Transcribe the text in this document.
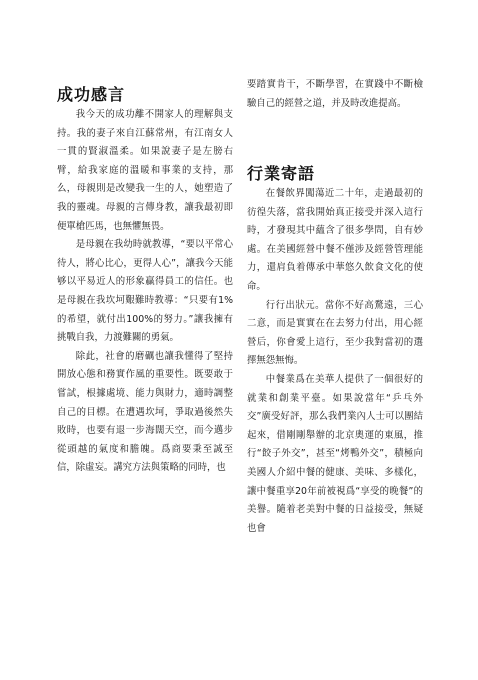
成功感言

我今天的成功離不開家人的理解與支持。我的妻子來自江蘇常州，有江南女人一貫的賢淑溫柔。如果說妻子是左膀右臂，給我家庭的溫暖和事業的支持，那么，母親則是改變我一生的人，她塑造了我的靈魂。母親的言傳身教，讓我最初即便單槍匹馬，也無懼無畏。

是母親在我幼時就教導，“要以平常心待人，將心比心，更得人心”，讓我今天能够以平易近人的形象贏得員工的信任。也是母親在我坎坷艱難時教導：“只要有1%的希望，就付出100%的努力。”讓我擁有挑戰自我，力渡難關的勇氣。

除此，社會的磨礪也讓我懂得了堅持開放心態和務實作風的重要性。既要敢于嘗試，根據處境、能力與財力，適時調整自己的目標。在遭遇坎坷，爭取過後然失敗時，也要有退一步海闊天空，而今邁步從頭越的氣度和膽魄。爲商要秉至誠至信，除虛妄。講究方法與策略的同時，也

要踏實肯干，不斷學習，在實踐中不斷檢驗自己的經營之道，并及時改進提高。

行業寄語

在餐飲界闖蕩近二十年，走過最初的彷徨失落，當我開始真正接受并深入這行時，才發現其中蘊含了很多學問，自有妙處。在美國經營中餐不僅涉及經營管理能力，還肩負着傳承中華悠久飲食文化的使命。

行行出狀元。當你不好高騖遠，三心二意，而是實實在在去努力付出，用心經營后，你會愛上這行，至少我對當初的選擇無怨無悔。

中餐業爲在美華人提供了一個很好的就業和創業平臺。如果說當年“乒乓外交”廣受好評，那么我們業內人士可以團結起來，借剛剛舉辦的北京奧運的東風，推行“餃子外交”，甚至“烤鴨外交”，積極向美國人介紹中餐的健康、美味、多樣化，讓中餐重享20年前被視爲“享受的晚餐”的美譽。隨着老美對中餐的日益接受，無疑也會
